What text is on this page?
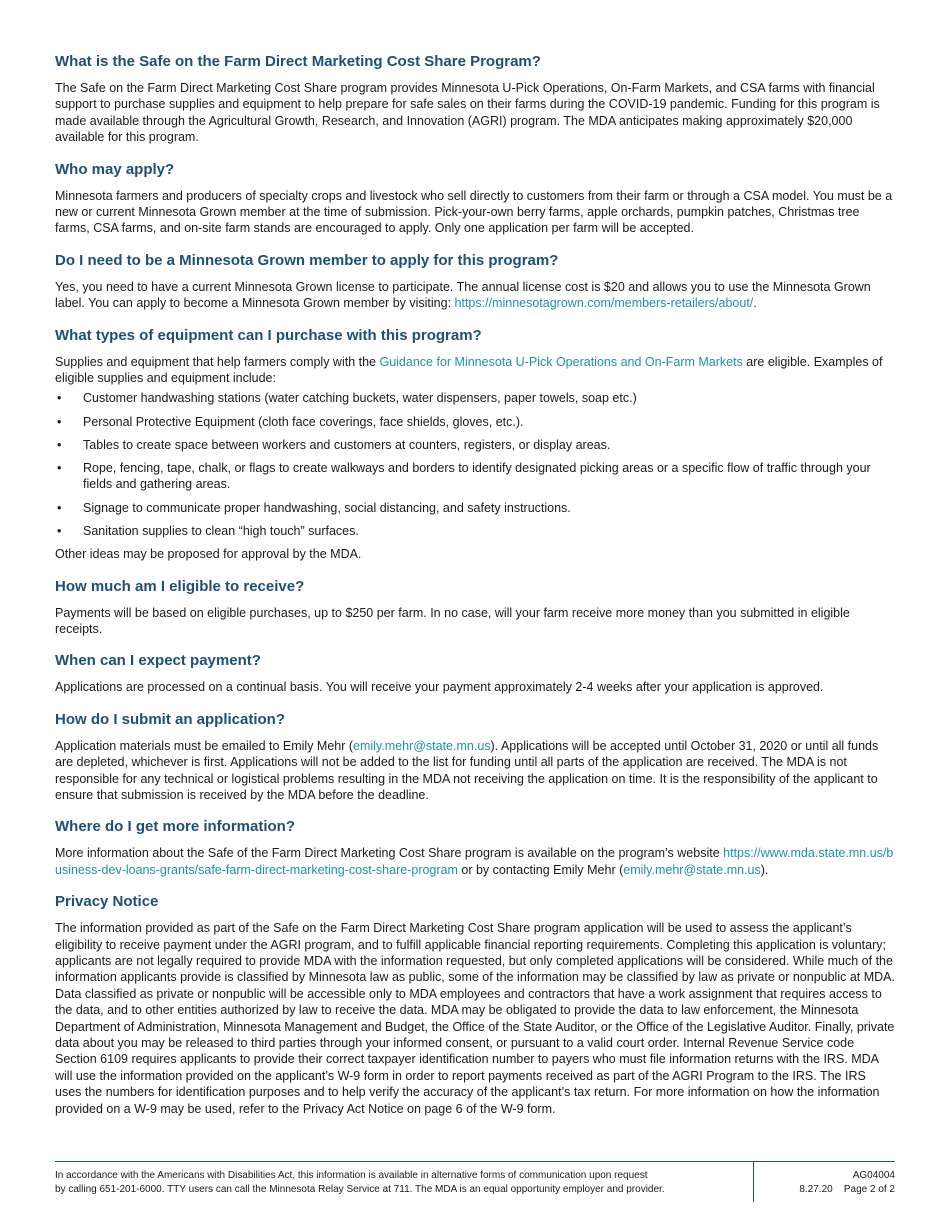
What is the Safe on the Farm Direct Marketing Cost Share Program?

The Safe on the Farm Direct Marketing Cost Share program provides Minnesota U-Pick Operations, On-Farm Markets, and CSA farms with financial support to purchase supplies and equipment to help prepare for safe sales on their farms during the COVID-19 pandemic. Funding for this program is made available through the Agricultural Growth, Research, and Innovation (AGRI) program. The MDA anticipates making approximately $20,000 available for this program.

Who may apply?

Minnesota farmers and producers of specialty crops and livestock who sell directly to customers from their farm or through a CSA model. You must be a new or current Minnesota Grown member at the time of submission. Pick-your-own berry farms, apple orchards, pumpkin patches, Christmas tree farms, CSA farms, and on-site farm stands are encouraged to apply. Only one application per farm will be accepted.

Do I need to be a Minnesota Grown member to apply for this program?

Yes, you need to have a current Minnesota Grown license to participate. The annual license cost is $20 and allows you to use the Minnesota Grown label. You can apply to become a Minnesota Grown member by visiting: https://minnesotagrown.com/members-retailers/about/.

What types of equipment can I purchase with this program?

Supplies and equipment that help farmers comply with the Guidance for Minnesota U-Pick Operations and On-Farm Markets are eligible. Examples of eligible supplies and equipment include:

• Customer handwashing stations (water catching buckets, water dispensers, paper towels, soap etc.)
• Personal Protective Equipment (cloth face coverings, face shields, gloves, etc.).
• Tables to create space between workers and customers at counters, registers, or display areas.
• Rope, fencing, tape, chalk, or flags to create walkways and borders to identify designated picking areas or a specific flow of traffic through your fields and gathering areas.
• Signage to communicate proper handwashing, social distancing, and safety instructions.
• Sanitation supplies to clean “high touch” surfaces.

Other ideas may be proposed for approval by the MDA.

How much am I eligible to receive?

Payments will be based on eligible purchases, up to $250 per farm. In no case, will your farm receive more money than you submitted in eligible receipts.

When can I expect payment?

Applications are processed on a continual basis. You will receive your payment approximately 2-4 weeks after your application is approved.

How do I submit an application?

Application materials must be emailed to Emily Mehr (emily.mehr@state.mn.us). Applications will be accepted until October 31, 2020 or until all funds are depleted, whichever is first. Applications will not be added to the list for funding until all parts of the application are received. The MDA is not responsible for any technical or logistical problems resulting in the MDA not receiving the application on time. It is the responsibility of the applicant to ensure that submission is received by the MDA before the deadline.

Where do I get more information?

More information about the Safe of the Farm Direct Marketing Cost Share program is available on the program’s website https://www.mda.state.mn.us/business-dev-loans-grants/safe-farm-direct-marketing-cost-share-program or by contacting Emily Mehr (emily.mehr@state.mn.us).

Privacy Notice

The information provided as part of the Safe on the Farm Direct Marketing Cost Share program application will be used to assess the applicant’s eligibility to receive payment under the AGRI program, and to fulfill applicable financial reporting requirements. Completing this application is voluntary; applicants are not legally required to provide MDA with the information requested, but only completed applications will be considered. While much of the information applicants provide is classified by Minnesota law as public, some of the information may be classified by law as private or nonpublic at MDA. Data classified as private or nonpublic will be accessible only to MDA employees and contractors that have a work assignment that requires access to the data, and to other entities authorized by law to receive the data. MDA may be obligated to provide the data to law enforcement, the Minnesota Department of Administration, Minnesota Management and Budget, the Office of the State Auditor, or the Office of the Legislative Auditor. Finally, private data about you may be released to third parties through your informed consent, or pursuant to a valid court order. Internal Revenue Service code Section 6109 requires applicants to provide their correct taxpayer identification number to payers who must file information returns with the IRS. MDA will use the information provided on the applicant’s W-9 form in order to report payments received as part of the AGRI Program to the IRS. The IRS uses the numbers for identification purposes and to help verify the accuracy of the applicant’s tax return. For more information on how the information provided on a W-9 may be used, refer to the Privacy Act Notice on page 6 of the W-9 form.

In accordance with the Americans with Disabilities Act, this information is available in alternative forms of communication upon request
by calling 651-201-6000. TTY users can call the Minnesota Relay Service at 711. The MDA is an equal opportunity employer and provider.
AG04004
8.27.20 Page 2 of 2
